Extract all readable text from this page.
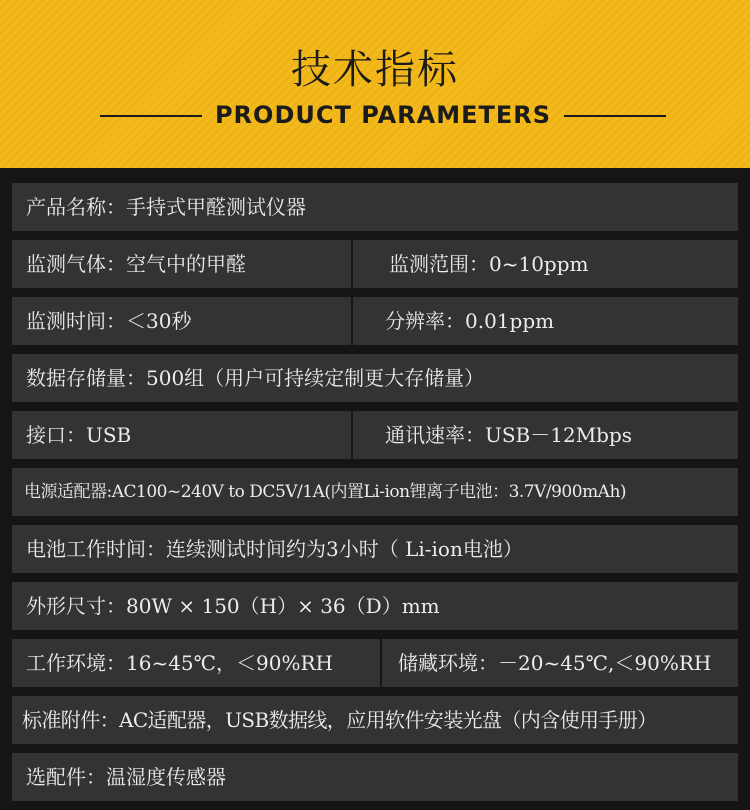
技术指标
PRODUCT PARAMETERS
产品名称：手持式甲醛测试仪器
监测气体：空气中的甲醛	监测范围：0~10ppm
监测时间：＜30秒	分辨率：0.01ppm
数据存储量：500组（用户可持续定制更大存储量）
接口：USB	通讯速率：USB－12Mbps
电源适配器:AC100~240V to DC5V/1A(内置Li-ion锂离子电池：3.7V/900mAh)
电池工作时间：连续测试时间约为3小时（ Li-ion电池）
外形尺寸：80W × 150（H）× 36（D）mm
工作环境：16~45℃，＜90%RH	储藏环境：－20~45℃,＜90%RH
标准附件：AC适配器，USB数据线，应用软件安装光盘（内含使用手册）
选配件：温湿度传感器
